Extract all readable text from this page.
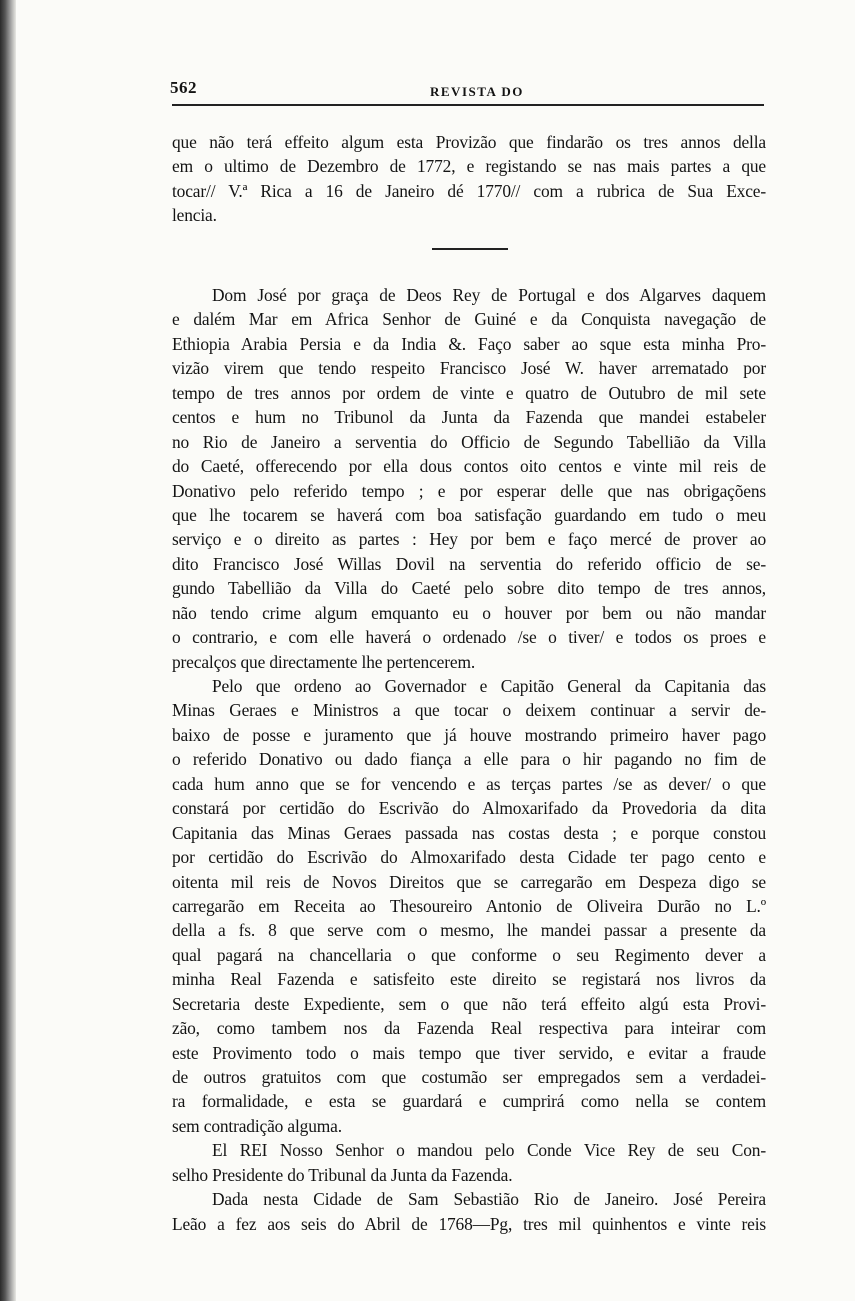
562	REVISTA DO
que não terá effeito algum esta Provizão que findarão os tres annos della
em o ultimo de Dezembro de 1772, e registando se nas mais partes a que
tocar// V.ª Rica a 16 de Janeiro dé 1770// com a rubrica de Sua Exce-
lencia.
Dom José por graça de Deos Rey de Portugal e dos Algarves daquem
e dalém Mar em Africa Senhor de Guiné e da Conquista navegação de
Ethiopia Arabia Persia e da India &. Faço saber ao sque esta minha Pro-
vizão virem que tendo respeito Francisco José W. haver arrematado por
tempo de tres annos por ordem de vinte e quatro de Outubro de mil sete
centos e hum no Tribunol da Junta da Fazenda que mandei estabeler
no Rio de Janeiro a serventia do Officio de Segundo Tabellião da Villa
do Caeté, offerecendo por ella dous contos oito centos e vinte mil reis de
Donativo pelo referido tempo ; e por esperar delle que nas obrigaçõens
que lhe tocarem se haverá com boa satisfação guardando em tudo o meu
serviço e o direito as partes : Hey por bem e faço mercé de prover ao
dito Francisco José Willas Dovil na serventia do referido officio de se-
gundo Tabellião da Villa do Caeté pelo sobre dito tempo de tres annos,
não tendo crime algum emquanto eu o houver por bem ou não mandar
o contrario, e com elle haverá o ordenado /se o tiver/ e todos os proes e
precalços que directamente lhe pertencerem.
Pelo que ordeno ao Governador e Capitão General da Capitania das
Minas Geraes e Ministros a que tocar o deixem continuar a servir de-
baixo de posse e juramento que já houve mostrando primeiro haver pago
o referido Donativo ou dado fiança a elle para o hir pagando no fim de
cada hum anno que se for vencendo e as terças partes /se as dever/ o que
constará por certidão do Escrivão do Almoxarifado da Provedoria da dita
Capitania das Minas Geraes passada nas costas desta ; e porque constou
por certidão do Escrivão do Almoxarifado desta Cidade ter pago cento e
oitenta mil reis de Novos Direitos que se carregarão em Despeza digo se
carregarão em Receita ao Thesoureiro Antonio de Oliveira Durão no L.º
della a fs. 8 que serve com o mesmo, lhe mandei passar a presente da
qual pagará na chancellaria o que conforme o seu Regimento dever a
minha Real Fazenda e satisfeito este direito se registará nos livros da
Secretaria deste Expediente, sem o que não terá effeito algú esta Provi-
zão, como tambem nos da Fazenda Real respectiva para inteirar com
este Provimento todo o mais tempo que tiver servido, e evitar a fraude
de outros gratuitos com que costumão ser empregados sem a verdadei-
ra formalidade, e esta se guardará e cumprirá como nella se contem
sem contradição alguma.
El REI Nosso Senhor o mandou pelo Conde Vice Rey de seu Con-
selho Presidente do Tribunal da Junta da Fazenda.
Dada nesta Cidade de Sam Sebastião Rio de Janeiro. José Pereira
Leão a fez aos seis do Abril de 1768—Pg, tres mil quinhentos e vinte reis
